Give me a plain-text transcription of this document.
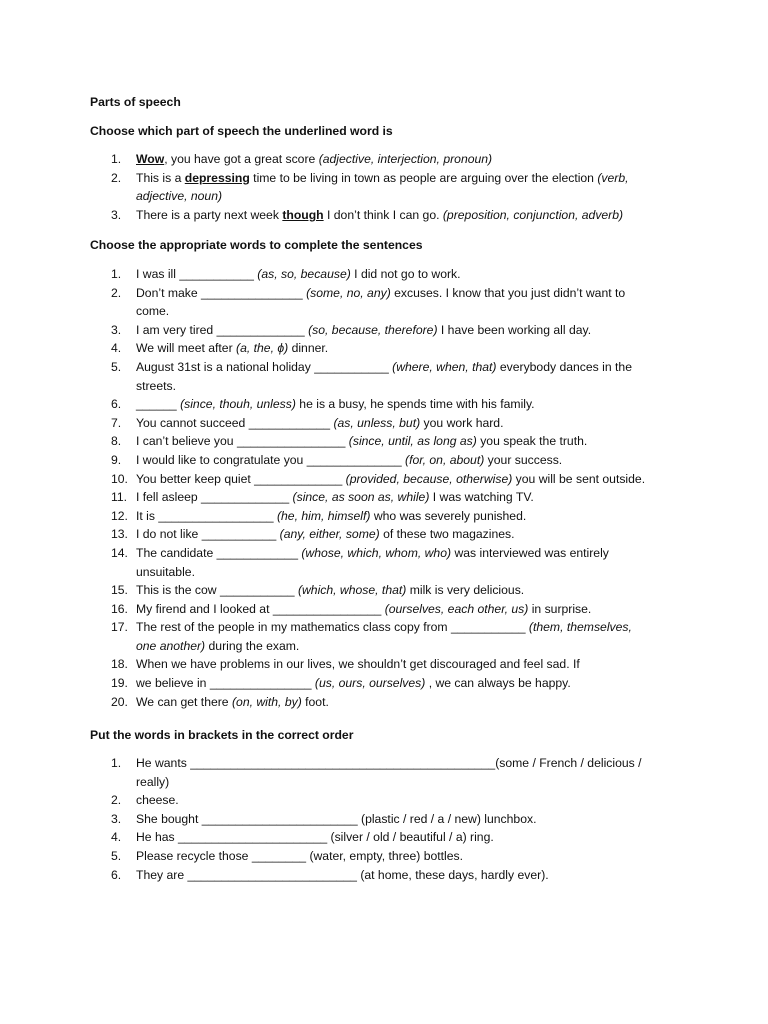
Parts of speech
Choose which part of speech the underlined word is
1. Wow, you have got a great score (adjective, interjection, pronoun)
2. This is a depressing time to be living in town as people are arguing over the election (verb, adjective, noun)
3. There is a party next week though I don’t think I can go. (preposition, conjunction, adverb)
Choose the appropriate words to complete the sentences
1. I was ill ___________ (as, so, because) I did not go to work.
2. Don’t make _______________ (some, no, any) excuses. I know that you just didn’t want to come.
3. I am very tired _____________ (so, because, therefore) I have been working all day.
4. We will meet after (a, the, ϕ) dinner.
5. August 31st is a national holiday ___________ (where, when, that) everybody dances in the streets.
6. ______ (since, thouh, unless) he is a busy, he spends time with his family.
7. You cannot succeed ____________ (as, unless, but) you work hard.
8. I can’t believe you ________________ (since, until, as long as) you speak the truth.
9. I would like to congratulate you ______________ (for, on, about) your success.
10. You better keep quiet _____________ (provided, because, otherwise) you will be sent outside.
11. I fell asleep _____________ (since, as soon as, while) I was watching TV.
12. It is _________________ (he, him, himself) who was severely punished.
13. I do not like ___________ (any, either, some) of these two magazines.
14. The candidate ____________ (whose, which, whom, who) was interviewed was entirely unsuitable.
15. This is the cow ___________ (which, whose, that) milk is very delicious.
16. My firend and I looked at ________________ (ourselves, each other, us) in surprise.
17. The rest of the people in my mathematics class copy from ___________ (them, themselves, one another) during the exam.
18. When we have problems in our lives, we shouldn’t get discouraged and feel sad. If
19. we believe in _______________ (us, ours, ourselves) , we can always be happy.
20. We can get there (on, with, by) foot.
Put the words in brackets in the correct order
1. He wants _____________________________________________(some / French / delicious / really)
2. cheese.
3. She bought _______________________ (plastic / red / a / new) lunchbox.
4. He has ______________________ (silver / old / beautiful / a) ring.
5. Please recycle those ________ (water, empty, three) bottles.
6. They are _________________________ (at home, these days, hardly ever).
